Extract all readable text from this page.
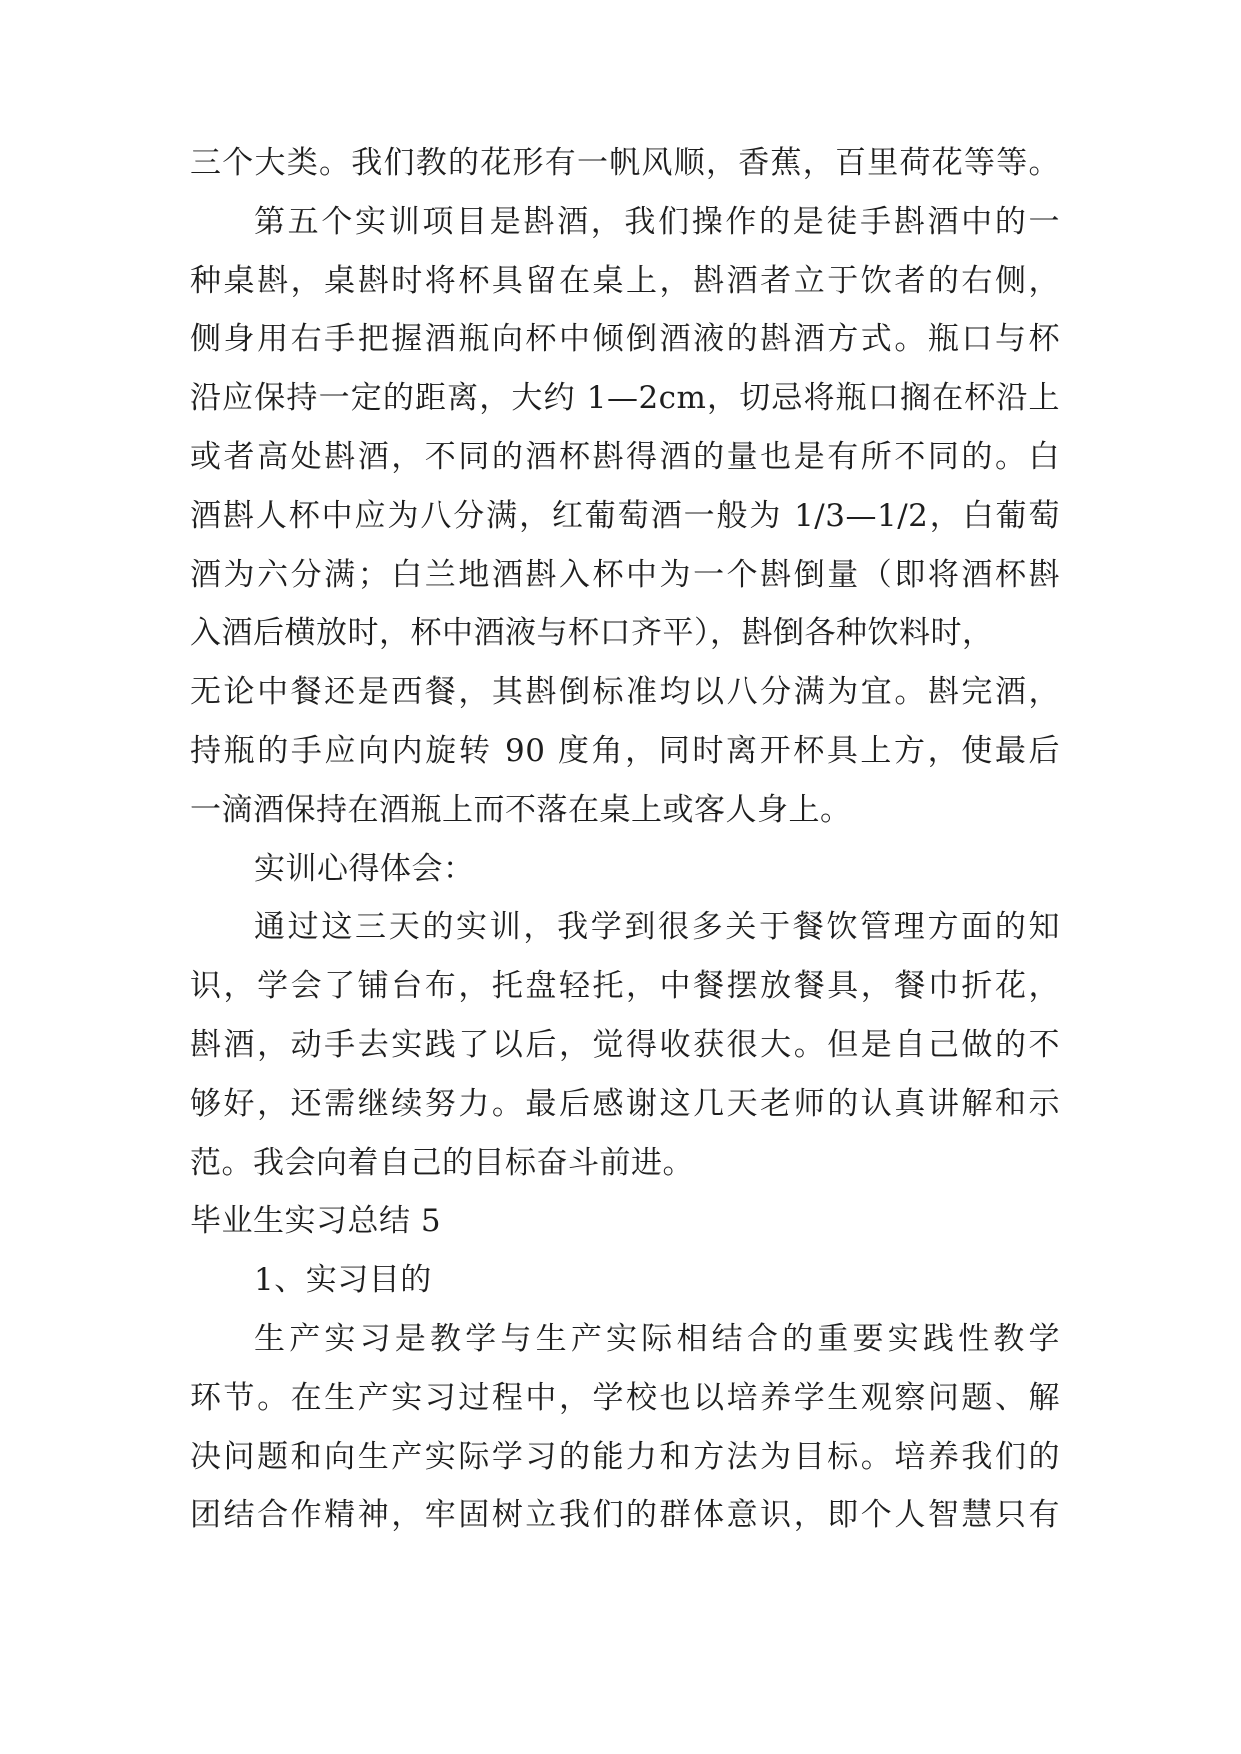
三个大类。我们教的花形有一帆风顺，香蕉，百里荷花等等。

第五个实训项目是斟酒，我们操作的是徒手斟酒中的一

种桌斟，桌斟时将杯具留在桌上，斟酒者立于饮者的右侧，

侧身用右手把握酒瓶向杯中倾倒酒液的斟酒方式。瓶口与杯

沿应保持一定的距离，大约 1—2cm，切忌将瓶口搁在杯沿上

或者高处斟酒，不同的酒杯斟得酒的量也是有所不同的。白

酒斟人杯中应为八分满，红葡萄酒一般为 1/3—1/2，白葡萄

酒为六分满；白兰地酒斟入杯中为一个斟倒量（即将酒杯斟

入酒后横放时，杯中酒液与杯口齐平），斟倒各种饮料时，

无论中餐还是西餐，其斟倒标准均以八分满为宜。斟完酒，

持瓶的手应向内旋转 90 度角，同时离开杯具上方，使最后

一滴酒保持在酒瓶上而不落在桌上或客人身上。

实训心得体会：

通过这三天的实训，我学到很多关于餐饮管理方面的知

识，学会了铺台布，托盘轻托，中餐摆放餐具，餐巾折花，

斟酒，动手去实践了以后，觉得收获很大。但是自己做的不

够好，还需继续努力。最后感谢这几天老师的认真讲解和示

范。我会向着自己的目标奋斗前进。

毕业生实习总结 5

1、实习目的

生产实习是教学与生产实际相结合的重要实践性教学

环节。在生产实习过程中，学校也以培养学生观察问题、解

决问题和向生产实际学习的能力和方法为目标。培养我们的

团结合作精神，牢固树立我们的群体意识，即个人智慧只有
